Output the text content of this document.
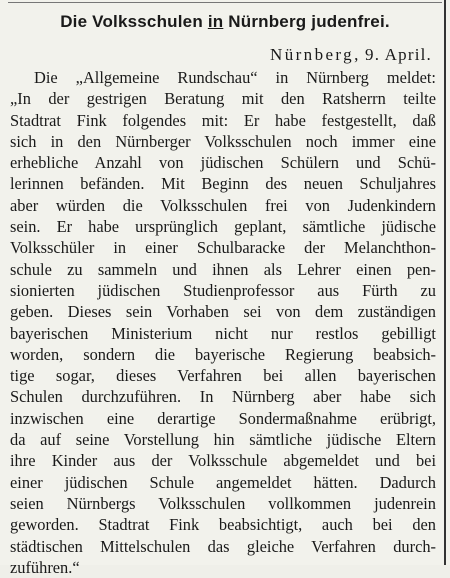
Die Volksschulen in Nürnberg judenfrei.

Nürnberg, 9. April.

Die „Allgemeine Rundschau“ in Nürnberg meldet:
„In der gestrigen Beratung mit den Ratsherrn teilte
Stadtrat Fink folgendes mit: Er habe festgestellt, daß
sich in den Nürnberger Volksschulen noch immer eine
erhebliche Anzahl von jüdischen Schülern und Schü-
lerinnen befänden. Mit Beginn des neuen Schuljahres
aber würden die Volksschulen frei von Judenkindern
sein. Er habe ursprünglich geplant, sämtliche jüdische
Volksschüler in einer Schulbaracke der Melanchthon-
schule zu sammeln und ihnen als Lehrer einen pen-
sionierten jüdischen Studienprofessor aus Fürth zu
geben. Dieses sein Vorhaben sei von dem zuständigen
bayerischen Ministerium nicht nur restlos gebilligt
worden, sondern die bayerische Regierung beabsich-
tige sogar, dieses Verfahren bei allen bayerischen
Schulen durchzuführen. In Nürnberg aber habe sich
inzwischen eine derartige Sondermaßnahme erübrigt,
da auf seine Vorstellung hin sämtliche jüdische Eltern
ihre Kinder aus der Volksschule abgemeldet und bei
einer jüdischen Schule angemeldet hätten. Dadurch
seien Nürnbergs Volksschulen vollkommen judenrein
geworden. Stadtrat Fink beabsichtigt, auch bei den
städtischen Mittelschulen das gleiche Verfahren durch-
zuführen.“
